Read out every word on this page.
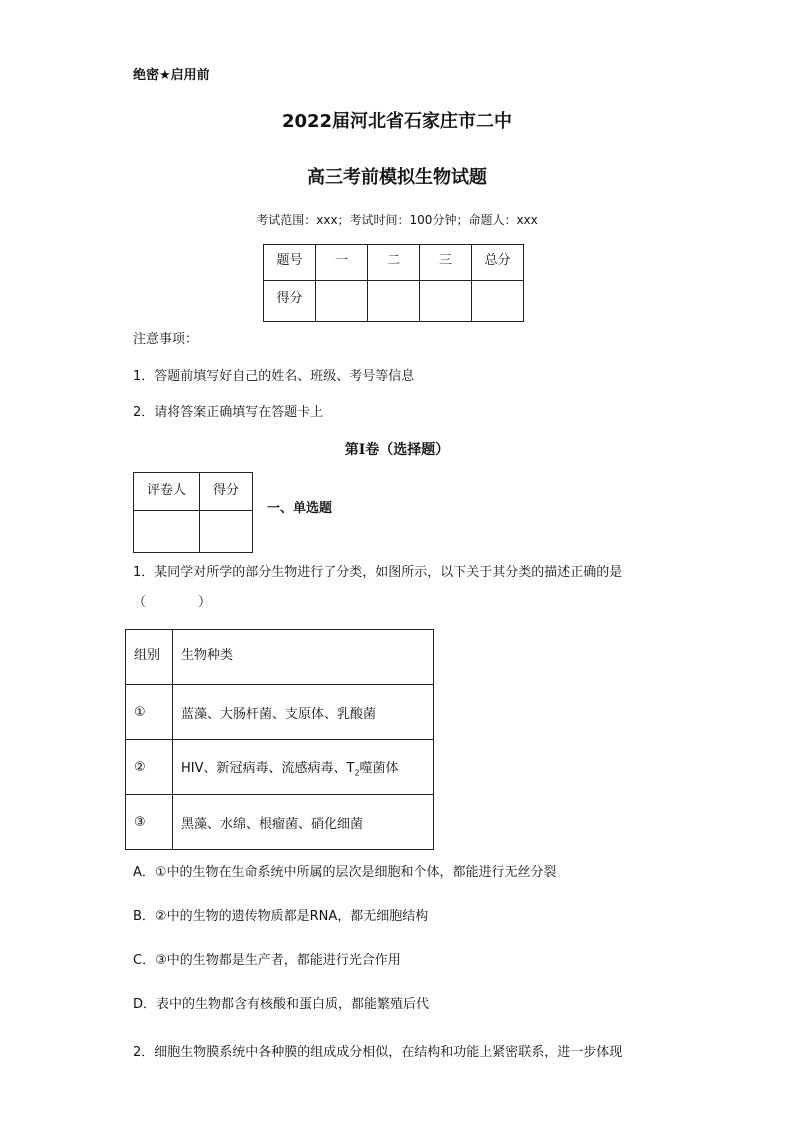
绝密★启用前
2022届河北省石家庄市二中
高三考前模拟生物试题
考试范围：xxx；考试时间：100分钟；命题人：xxx
题号	一	二	三	总分
得分				
注意事项：
1．答题前填写好自己的姓名、班级、考号等信息
2．请将答案正确填写在答题卡上
第I卷（选择题）
评卷人	得分

一、单选题
1．某同学对所学的部分生物进行了分类，如图所示，以下关于其分类的描述正确的是
（　　　　）
组别	生物种类
①	蓝藻、大肠杆菌、支原体、乳酸菌
②	HIV、新冠病毒、流感病毒、$T_2$噬菌体
③	黑藻、水绵、根瘤菌、硝化细菌
A．①中的生物在生命系统中所属的层次是细胞和个体，都能进行无丝分裂
B．②中的生物的遗传物质都是RNA，都无细胞结构
C．③中的生物都是生产者，都能进行光合作用
D．表中的生物都含有核酸和蛋白质，都能繁殖后代
2．细胞生物膜系统中各种膜的组成成分相似，在结构和功能上紧密联系，进一步体现
